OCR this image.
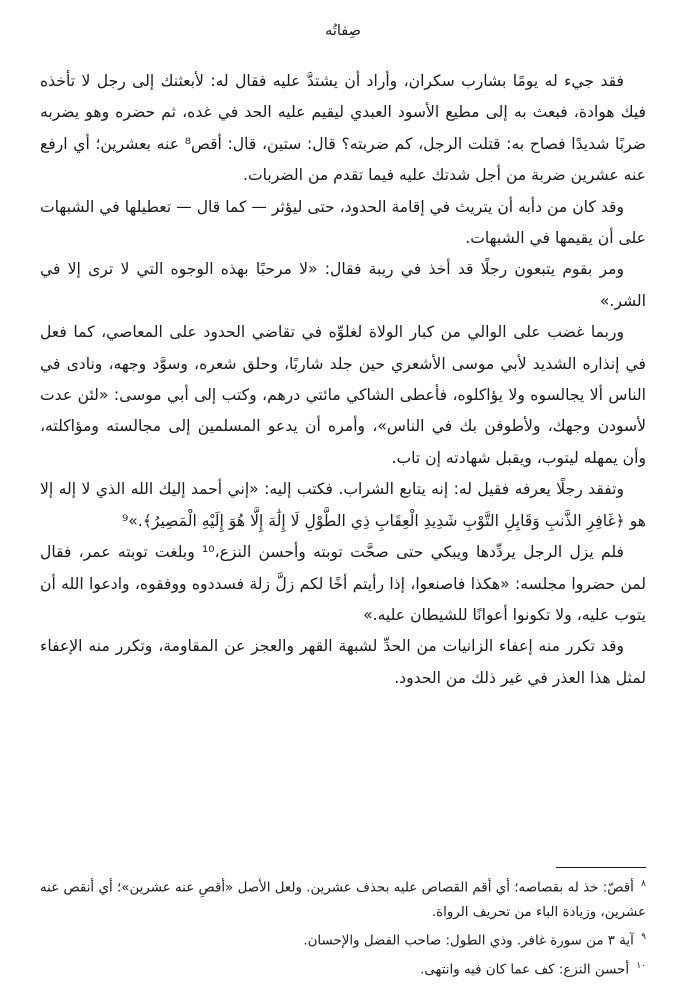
صِفاتُه

فقد جيء له يومًا بشارب سكران، وأراد أن يشتدَّ عليه فقال له: لأبعثنك إلى رجل لا تأخذه فيك هوادة، فبعث به إلى مطيع الأسود العبدي ليقيم عليه الحد في غده، ثم حضره وهو يضربه ضربًا شديدًا فصاح به: قتلت الرجل، كم ضربته؟ قال: ستين، قال: أقص⁸ عنه بعشرين؛ أي ارفع عنه عشرين ضربة من أجل شدتك عليه فيما تقدم من الضربات.

وقد كان من دأبه أن يتريث في إقامة الحدود، حتى ليؤثر — كما قال — تعطيلها في الشبهات على أن يقيمها في الشبهات.

ومر بقوم يتبعون رجلًا قد أخذ في ريبة فقال: «لا مرحبًا بهذه الوجوه التي لا ترى إلا في الشر.»

وربما غضب على الوالي من كبار الولاة لغلوِّه في تقاضي الحدود على المعاصي، كما فعل في إنذاره الشديد لأبي موسى الأشعري حين جلد شاربًا، وحلق شعره، وسوَّد وجهه، ونادى في الناس ألا يجالسوه ولا يؤاكلوه، فأعطى الشاكي مائتي درهم، وكتب إلى أبي موسى: «لئن عدت لأسودن وجهك، ولأطوفن بك في الناس»، وأمره أن يدعو المسلمين إلى مجالسته ومؤاكلته، وأن يمهله ليتوب، ويقبل شهادته إن تاب.

وتفقد رجلًا يعرفه فقيل له: إنه يتابع الشراب. فكتب إليه: «إني أحمد إليك الله الذي لا إله إلا هو ﴿غَافِرِ الذَّنبِ وَقَابِلِ التَّوْبِ شَدِيدِ الْعِقَابِ ذِي الطَّوْلِ لَا إِلَٰهَ إِلَّا هُوَ إِلَيْهِ الْمَصِيرُ﴾.»⁹

فلم يزل الرجل يردِّدها ويبكي حتى صحَّت توبته وأحسن النزع،¹⁰ وبلغت توبته عمر، فقال لمن حضروا مجلسه: «هكذا فاصنعوا، إذا رأيتم أخًا لكم زلَّ زلة فسددوه ووفقوه، وادعوا الله أن يتوب عليه، ولا تكونوا أعوانًا للشيطان عليه.»

وقد تكرر منه إعفاء الزانيات من الحدِّ لشبهة القهر والعجز عن المقاومة، وتكرر منه الإعفاء لمثل هذا العذر في غير ذلك من الحدود.

$^٨$ أقصّ: خذ له بقصاصه؛ أي أقم القصاص عليه بحذف عشرين. ولعل الأصل «أقصِ عنه عشرين»؛ أي أنقص عنه عشرين، وزيادة الباء من تحريف الرواة.

$^٩$ آية ٣ من سورة غافر. وذي الطول: صاحب الفضل والإحسان.

$^{١٠}$ أحسن النزع: كف عما كان فيه وانتهى.
